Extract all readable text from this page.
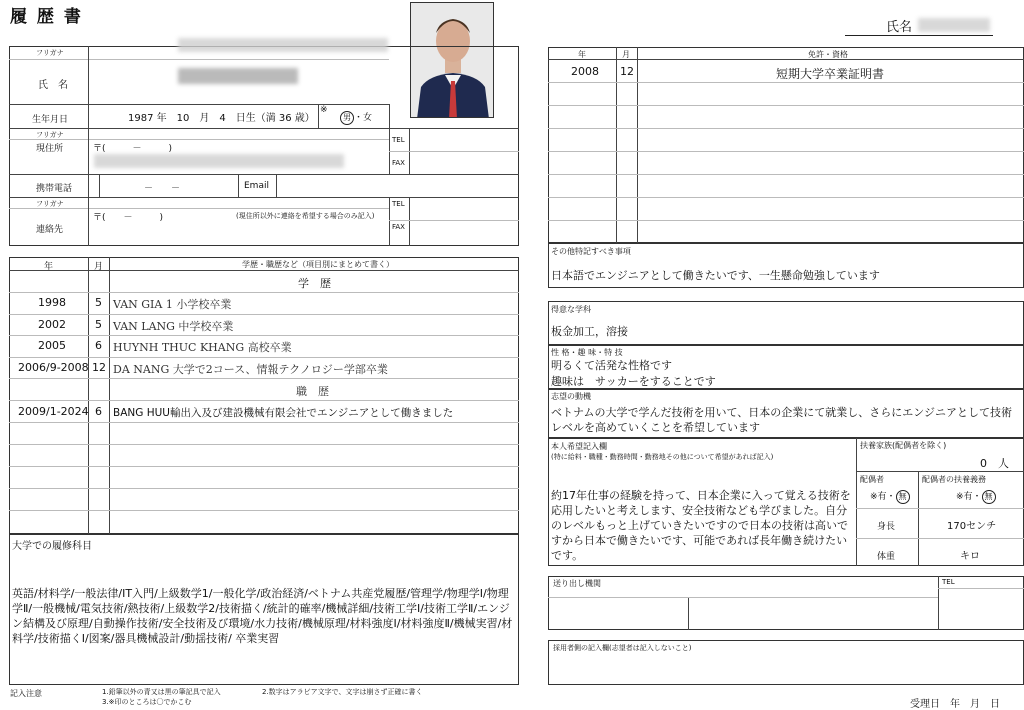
履 歴 書
氏名
フリガナ
氏　名
生年月日	1987 年　10　月　4　日生（満 36 歳）
※
男 ・女
フリガナ
現住所	〒(　　　－　　　)
TEL
FAX
携帯電話	－　　－	Email
フリガナ
連絡先
〒(　　－　　　)	(現住所以外に連絡を希望する場合のみ記入)
TEL
FAX
年	月	学歴・職歴など（項目別にまとめて書く）
学　歴
1998	5 VAN GIA 1 小学校卒業
2002	5 VAN LANG 中学校卒業
2005	6 HUYNH THUC KHANG 高校卒業
2006/9-2008 12 DA NANG 大学で2コース、情報テクノロジー学部卒業
職　歴
2009/1-2024 6 BANG HUU輸出入及び建設機械有限会社でエンジニアとして働きました
大学での履修科目
英語/材料学/一般法律/IT入門/上級数学1/一般化学/政治経済/ベトナム共産党履歴/管理学/物理学Ⅰ/物理学Ⅱ/一般機械/電気技術/熱技術/上級数学2/技術描く/統計的確率/機械詳細/技術工学Ⅰ/技術工学Ⅱ/エンジン結構及び原理/自動操作技術/安全技術及び環境/水力技術/機械原理/材料強度Ⅰ/材料強度Ⅱ/機械実習/材料学/技術描くⅠ/図案/器具機械設計/動揺技術/ 卒業実習
記入注意	1.鉛筆以外の青又は黒の筆記具で記入	2.数字はアラビア文字で、文字は崩さず正確に書く
3.※印のところは〇でかこむ	受理日　年　月　日
年	月	免許・資格
2008 12	短期大学卒業証明書
その他特記すべき事項
日本語でエンジニアとして働きたいです、一生懸命勉強しています
得意な学科
板金加工，溶接
性 格・趣 味・特 技
明るくて活発な性格です
趣味は　サッカーをすることです
志望の動機
ベトナムの大学で学んだ技術を用いて、日本の企業にて就業し、さらにエンジニアとして技術レベルを高めていくことを希望しています
本人希望記入欄
(特に給料・職種・勤務時間・勤務地その他について希望があれば記入)
約17年仕事の経験を持って、日本企業に入って覚える技術を応用したいと考えします、安全技術なども学びました。自分のレベルもっと上げていきたいですので日本の技術は高いですから日本で働きたいです、可能であれば長年働き続けたいです。
扶養家族(配偶者を除く)
0　人
配偶者
※有・ 無
配偶者の扶養義務
※有・ 無
身長	170センチ
体重	キロ
送り出し機関	TEL
採用者側の記入欄(志望者は記入しないこと)
